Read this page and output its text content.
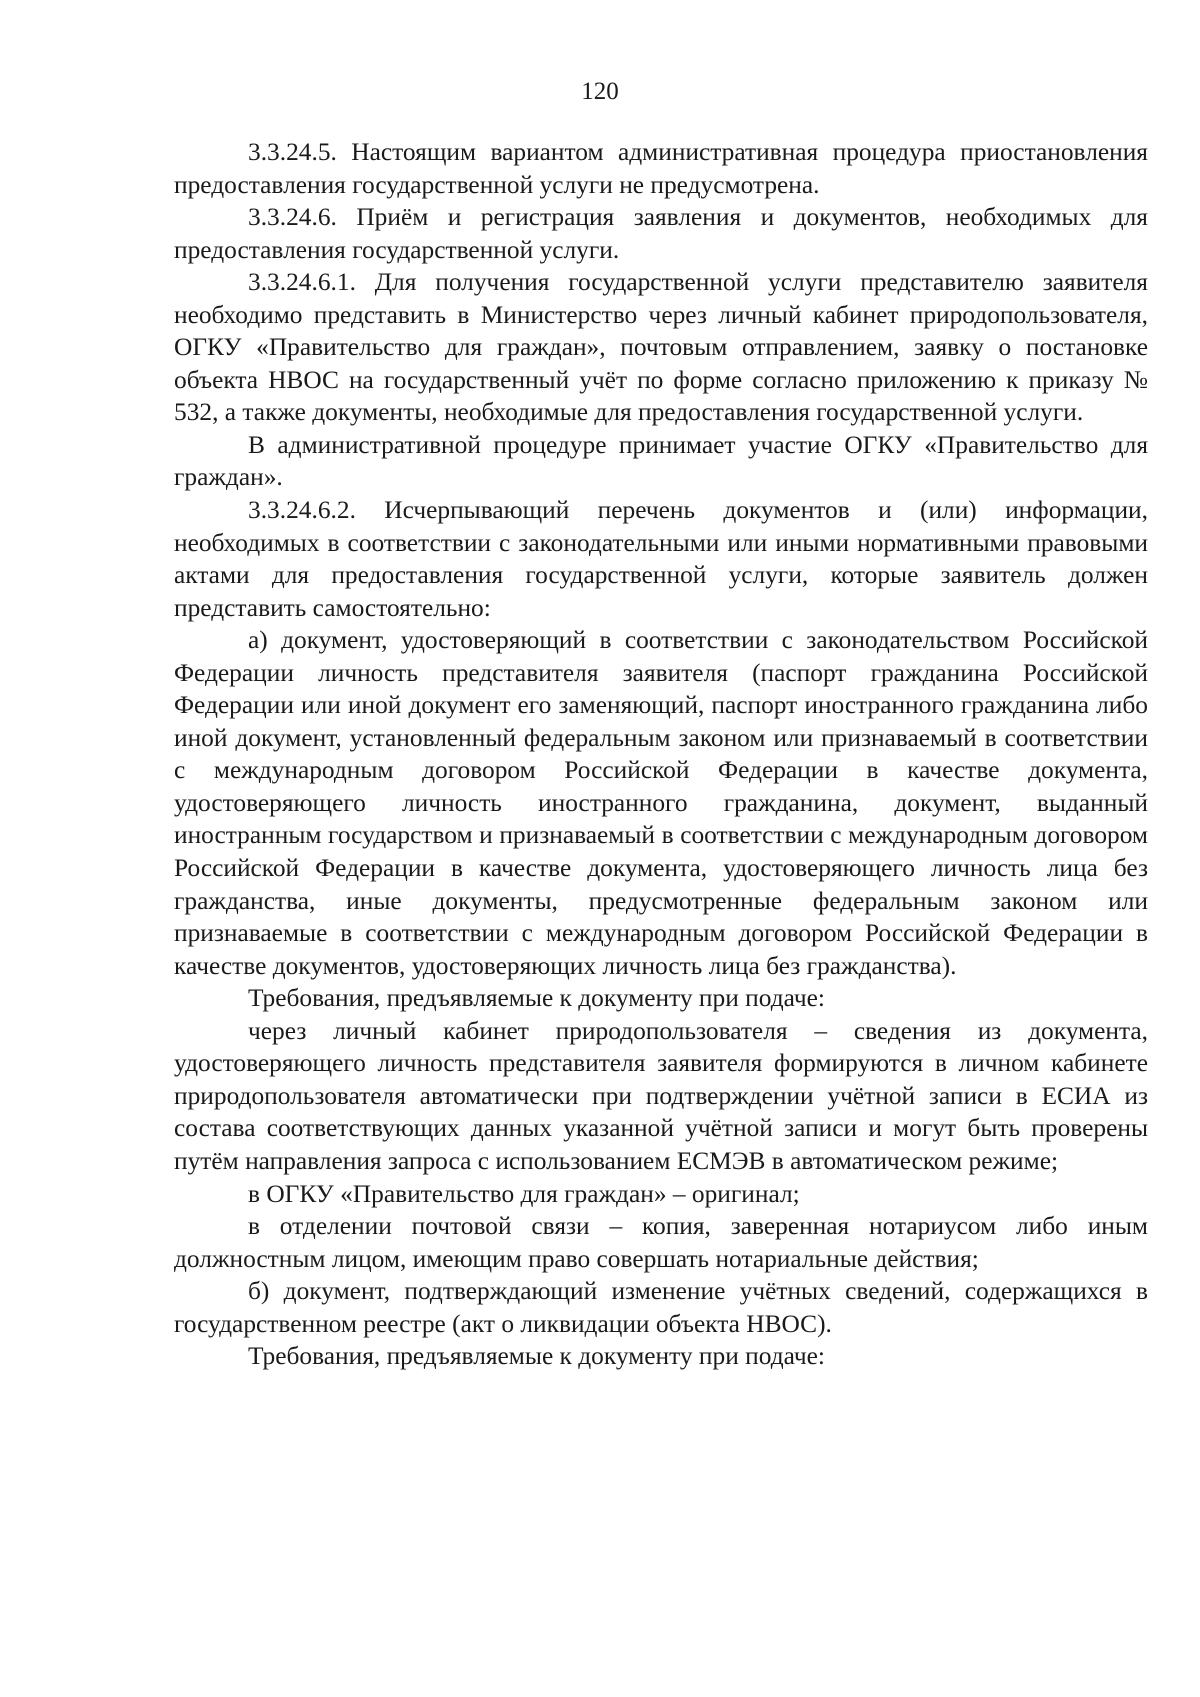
120

3.3.24.5. Настоящим вариантом административная процедура приостановления предоставления государственной услуги не предусмотрена.

3.3.24.6. Приём и регистрация заявления и документов, необходимых для предоставления государственной услуги.

3.3.24.6.1. Для получения государственной услуги представителю заявителя необходимо представить в Министерство через личный кабинет природопользователя, ОГКУ «Правительство для граждан», почтовым отправлением, заявку о постановке объекта НВОС на государственный учёт по форме согласно приложению к приказу № 532, а также документы, необходимые для предоставления государственной услуги.

В административной процедуре принимает участие ОГКУ «Правительство для граждан».

3.3.24.6.2. Исчерпывающий перечень документов и (или) информации, необходимых в соответствии с законодательными или иными нормативными правовыми актами для предоставления государственной услуги, которые заявитель должен представить самостоятельно:

а) документ, удостоверяющий в соответствии с законодательством Российской Федерации личность представителя заявителя (паспорт гражданина Российской Федерации или иной документ его заменяющий, паспорт иностранного гражданина либо иной документ, установленный федеральным законом или признаваемый в соответствии с международным договором Российской Федерации в качестве документа, удостоверяющего личность иностранного гражданина, документ, выданный иностранным государством и признаваемый в соответствии с международным договором Российской Федерации в качестве документа, удостоверяющего личность лица без гражданства, иные документы, предусмотренные федеральным законом или признаваемые в соответствии с международным договором Российской Федерации в качестве документов, удостоверяющих личность лица без гражданства).

Требования, предъявляемые к документу при подаче:

через личный кабинет природопользователя – сведения из документа, удостоверяющего личность представителя заявителя формируются в личном кабинете природопользователя автоматически при подтверждении учётной записи в ЕСИА из состава соответствующих данных указанной учётной записи и могут быть проверены путём направления запроса с использованием ЕСМЭВ в автоматическом режиме;

в ОГКУ «Правительство для граждан» – оригинал;

в отделении почтовой связи – копия, заверенная нотариусом либо иным должностным лицом, имеющим право совершать нотариальные действия;

б) документ, подтверждающий изменение учётных сведений, содержащихся в государственном реестре (акт о ликвидации объекта НВОС).

Требования, предъявляемые к документу при подаче:
